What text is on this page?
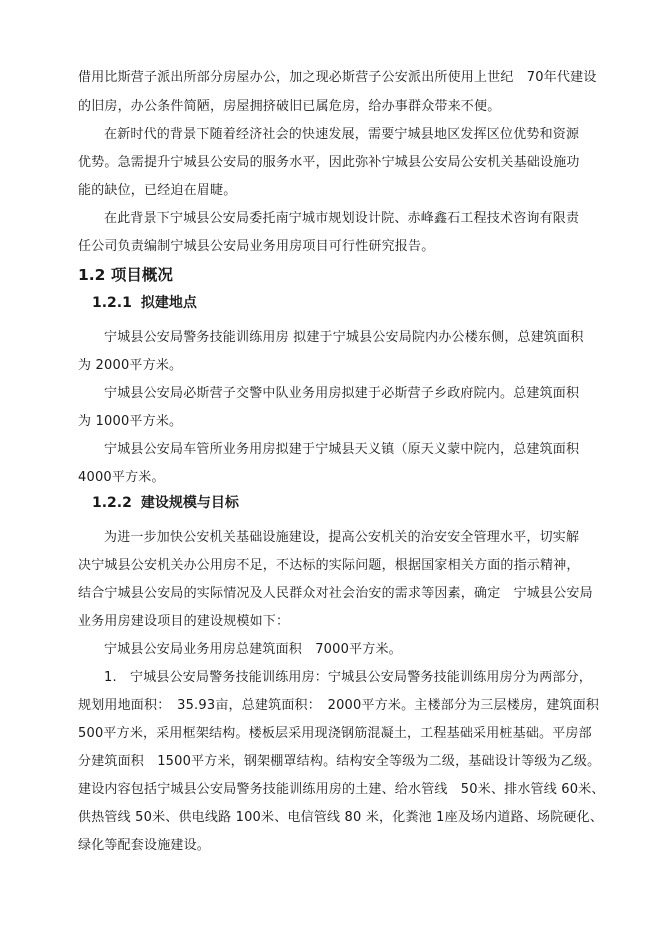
借用比斯营子派出所部分房屋办公，加之现必斯营子公安派出所使用上世纪　70年代建设
的旧房，办公条件简陋，房屋拥挤破旧已属危房，给办事群众带来不便。
在新时代的背景下随着经济社会的快速发展，需要宁城县地区发挥区位优势和资源
优势。急需提升宁城县公安局的服务水平，因此弥补宁城县公安局公安机关基础设施功
能的缺位，已经迫在眉睫。
在此背景下宁城县公安局委托南宁城市规划设计院、赤峰鑫石工程技术咨询有限责
任公司负责编制宁城县公安局业务用房项目可行性研究报告。
1.2 项目概况
1.2.1 拟建地点
宁城县公安局警务技能训练用房 拟建于宁城县公安局院内办公楼东侧，总建筑面积
为 2000平方米。
宁城县公安局必斯营子交警中队业务用房拟建于必斯营子乡政府院内。总建筑面积
为 1000平方米。
宁城县公安局车管所业务用房拟建于宁城县天义镇（原天义蒙中院内，总建筑面积
4000平方米。
1.2.2 建设规模与目标
为进一步加快公安机关基础设施建设，提高公安机关的治安安全管理水平，切实解
决宁城县公安机关办公用房不足，不达标的实际问题，根据国家相关方面的指示精神，
结合宁城县公安局的实际情况及人民群众对社会治安的需求等因素，确定　宁城县公安局
业务用房建设项目的建设规模如下：
宁城县公安局业务用房总建筑面积　7000平方米。
1.　宁城县公安局警务技能训练用房：宁城县公安局警务技能训练用房分为两部分，
规划用地面积：　35.93亩，总建筑面积：　2000平方米。主楼部分为三层楼房，建筑面积
500平方米，采用框架结构。楼板层采用现浇钢筋混凝土，工程基础采用桩基础。平房部
分建筑面积　1500平方米，钢架棚罩结构。结构安全等级为二级，基础设计等级为乙级。
建设内容包括宁城县公安局警务技能训练用房的土建、给水管线　50米、排水管线 60米、
供热管线 50米、供电线路 100米、电信管线 80 米，化粪池 1座及场内道路、场院硬化、
绿化等配套设施建设。
